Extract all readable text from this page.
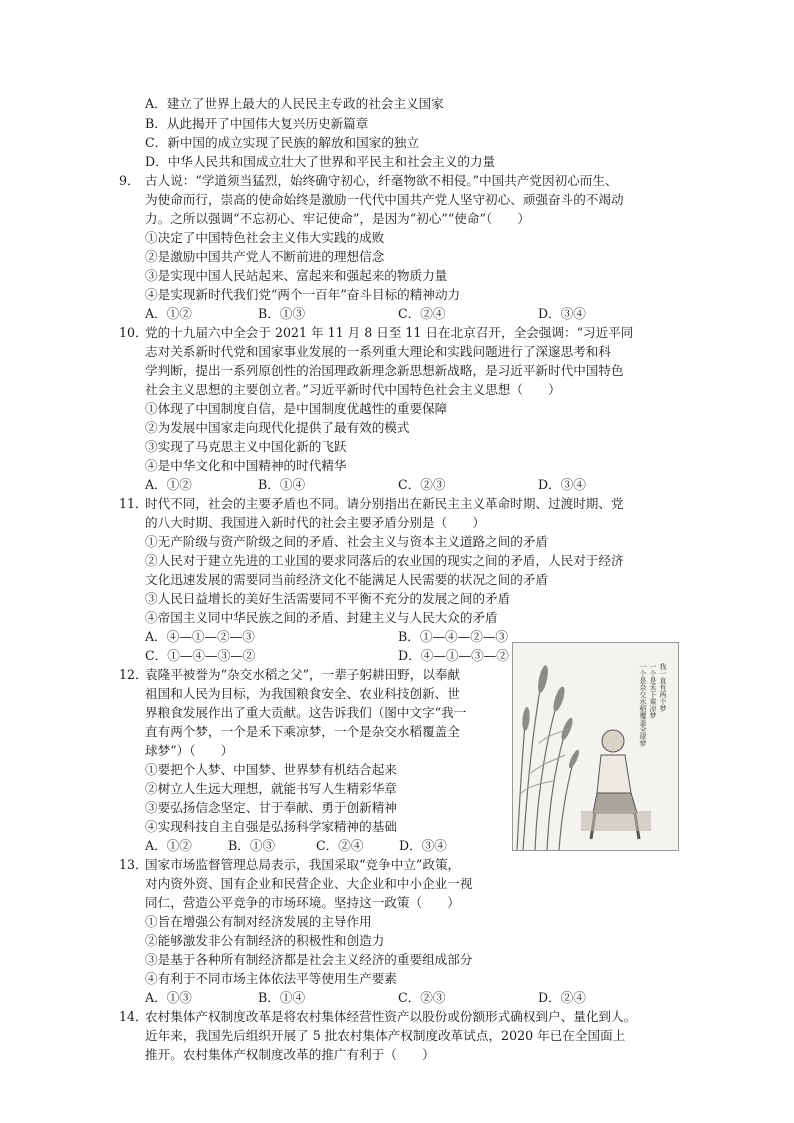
A．建立了世界上最大的人民民主专政的社会主义国家
B．从此揭开了中国伟大复兴历史新篇章
C．新中国的成立实现了民族的解放和国家的独立
D．中华人民共和国成立壮大了世界和平民主和社会主义的力量
9． 古人说：“学道须当猛烈，始终确守初心，纤毫物欲不相侵。”中国共产党因初心而生、
为使命而行，崇高的使命始终是激励一代代中国共产党人坚守初心、顽强奋斗的不竭动
力。之所以强调“不忘初心、牢记使命”，是因为“初心”“使命”（　　）
①决定了中国特色社会主义伟大实践的成败
②是激励中国共产党人不断前进的理想信念
③是实现中国人民站起来、富起来和强起来的物质力量
④是实现新时代我们党“两个一百年”奋斗目标的精神动力
A．①②	B．①③	C．②④	D．③④
10．
党的十九届六中全会于 2021 年 11 月 8 日至 11 日在北京召开，全会强调：“习近平同
志对关系新时代党和国家事业发展的一系列重大理论和实践问题进行了深邃思考和科
学判断，提出一系列原创性的治国理政新理念新思想新战略，是习近平新时代中国特色
社会主义思想的主要创立者。”习近平新时代中国特色社会主义思想（　　）
①体现了中国制度自信，是中国制度优越性的重要保障
②为发展中国家走向现代化提供了最有效的模式
③实现了马克思主义中国化新的飞跃
④是中华文化和中国精神的时代精华
A．①②	B．①④	C．②③	D．③④
11．
时代不同，社会的主要矛盾也不同。请分别指出在新民主主义革命时期、过渡时期、党
的八大时期、我国进入新时代的社会主要矛盾分别是（　　）
①无产阶级与资产阶级之间的矛盾、社会主义与资本主义道路之间的矛盾
②人民对于建立先进的工业国的要求同落后的农业国的现实之间的矛盾，人民对于经济
文化迅速发展的需要同当前经济文化不能满足人民需要的状况之间的矛盾
③人民日益增长的美好生活需要同不平衡不充分的发展之间的矛盾
④帝国主义同中华民族之间的矛盾、封建主义与人民大众的矛盾
A．④—①—②—③	B．①—④—②—③
C．①—④—③—②	D．④—①—③—②
12．
袁隆平被誉为“杂交水稻之父”，一辈子躬耕田野，以奉献
祖国和人民为目标，为我国粮食安全、农业科技创新、世
界粮食发展作出了重大贡献。这告诉我们（图中文字“我一
直有两个梦，一个是禾下乘凉梦，一个是杂交水稻覆盖全
球梦”）（　　）
①要把个人梦、中国梦、世界梦有机结合起来
②树立人生远大理想，就能书写人生精彩华章
③要弘扬信念坚定、甘于奉献、勇于创新精神
④实现科技自主自强是弘扬科学家精神的基础
A．①②	B．①③	C．②④	D．③④
我一直有两个梦
一个是禾下乘凉梦
一个是杂交水稻覆盖全球梦
13．
国家市场监督管理总局表示，我国采取“竞争中立”政策，
对内资外资、国有企业和民营企业、大企业和中小企业一视
同仁，营造公平竞争的市场环境。坚持这一政策（　　）
①旨在增强公有制对经济发展的主导作用
②能够激发非公有制经济的积极性和创造力
③是基于各种所有制经济都是社会主义经济的重要组成部分
④有利于不同市场主体依法平等使用生产要素
A．①③	B．①④	C．②③	D．②④
14．
农村集体产权制度改革是将农村集体经营性资产以股份或份额形式确权到户、量化到人。
近年来，我国先后组织开展了 5 批农村集体产权制度改革试点，2020 年已在全国面上
推开。农村集体产权制度改革的推广有利于（　　）
